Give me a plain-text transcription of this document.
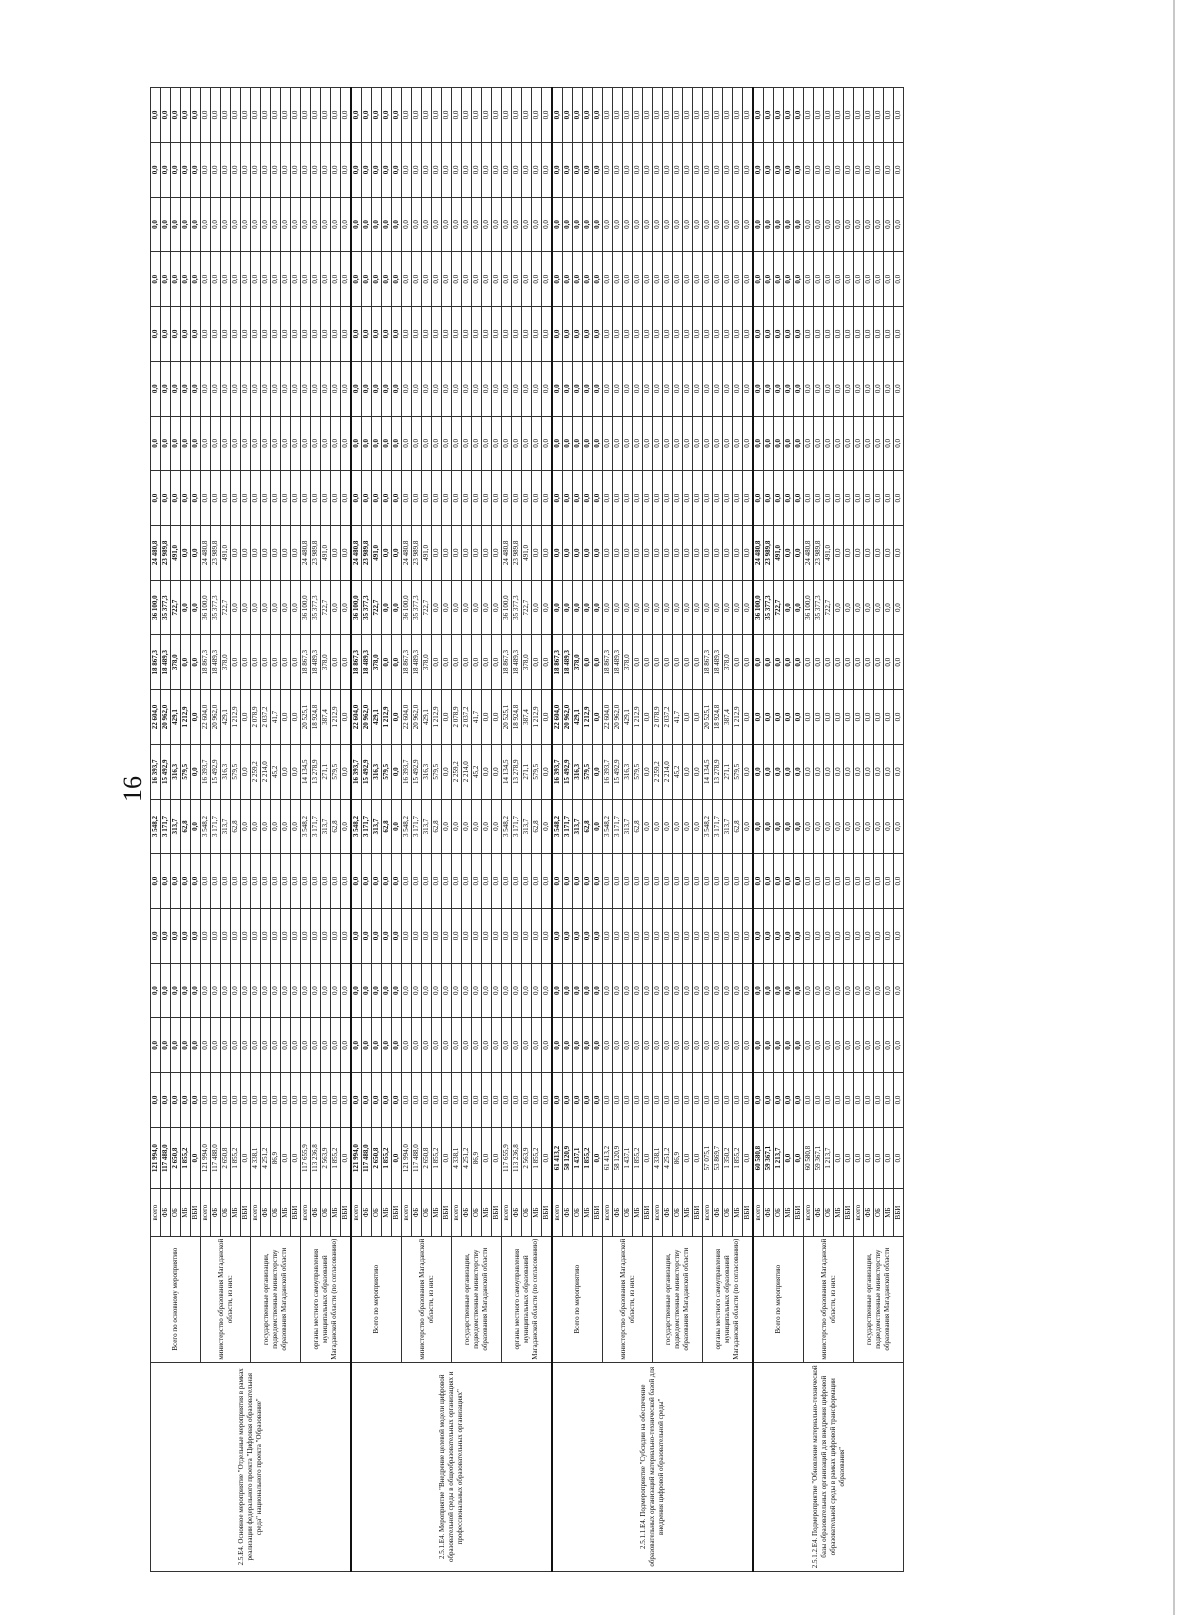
16
2.5.Е4. Основное мероприятие "Отдельные мероприятия в рамках реализации федерального проекта "Цифровая образовательная среда" национального проекта "Образование"	Всего по основному мероприятию	всего	121 994,0	0,0	0,0	0,0	0,0	0,0	3 548,2	16 393,7	22 604,0	18 867,3	36 100,0	24 480,8	0,0	0,0	0,0	0,0	0,0	0,0	0,0	0,0
		ФБ	117 488,0	0,0	0,0	0,0	0,0	0,0	3 171,7	15 492,9	20 962,0	18 489,3	35 377,3	23 989,8	0,0	0,0	0,0	0,0	0,0	0,0	0,0	0,0
		ОБ	2 650,8	0,0	0,0	0,0	0,0	0,0	313,7	316,3	429,1	378,0	722,7	491,0	0,0	0,0	0,0	0,0	0,0	0,0	0,0	0,0
		МБ	1 855,2	0,0	0,0	0,0	0,0	0,0	62,8	579,5	1 212,9	0,0	0,0	0,0	0,0	0,0	0,0	0,0	0,0	0,0	0,0	0,0
		ВБИ	0,0	0,0	0,0	0,0	0,0	0,0	0,0	0,0	0,0	0,0	0,0	0,0	0,0	0,0	0,0	0,0	0,0	0,0	0,0	0,0
	министерство образования Магаданской области, из них:	всего	121 994,0	0,0	0,0	0,0	0,0	0,0	3 548,2	16 393,7	22 604,0	18 867,3	36 100,0	24 480,8	0,0	0,0	0,0	0,0	0,0	0,0	0,0	0,0
		ФБ	117 488,0	0,0	0,0	0,0	0,0	0,0	3 171,7	15 492,9	20 962,0	18 489,3	35 377,3	23 989,8	0,0	0,0	0,0	0,0	0,0	0,0	0,0	0,0
		ОБ	2 650,8	0,0	0,0	0,0	0,0	0,0	313,7	316,3	429,1	378,0	722,7	491,0	0,0	0,0	0,0	0,0	0,0	0,0	0,0	0,0
		МБ	1 855,2	0,0	0,0	0,0	0,0	0,0	62,8	579,5	1 212,9	0,0	0,0	0,0	0,0	0,0	0,0	0,0	0,0	0,0	0,0	0,0
		ВБИ	0,0	0,0	0,0	0,0	0,0	0,0	0,0	0,0	0,0	0,0	0,0	0,0	0,0	0,0	0,0	0,0	0,0	0,0	0,0	0,0
	государственные организации, подведомственные министерству образования Магаданской области	всего	4 338,1	0,0	0,0	0,0	0,0	0,0	0,0	2 259,2	2 078,9	0,0	0,0	0,0	0,0	0,0	0,0	0,0	0,0	0,0	0,0	0,0
		ФБ	4 251,2	0,0	0,0	0,0	0,0	0,0	0,0	2 214,0	2 037,2	0,0	0,0	0,0	0,0	0,0	0,0	0,0	0,0	0,0	0,0	0,0
		ОБ	86,9	0,0	0,0	0,0	0,0	0,0	0,0	45,2	41,7	0,0	0,0	0,0	0,0	0,0	0,0	0,0	0,0	0,0	0,0	0,0
		МБ	0,0	0,0	0,0	0,0	0,0	0,0	0,0	0,0	0,0	0,0	0,0	0,0	0,0	0,0	0,0	0,0	0,0	0,0	0,0	0,0
		ВБИ	0,0	0,0	0,0	0,0	0,0	0,0	0,0	0,0	0,0	0,0	0,0	0,0	0,0	0,0	0,0	0,0	0,0	0,0	0,0	0,0
	органы местного самоуправления муниципальных образований Магаданской области (по согласованию)	всего	117 655,9	0,0	0,0	0,0	0,0	0,0	3 548,2	14 134,5	20 525,1	18 867,3	36 100,0	24 480,8	0,0	0,0	0,0	0,0	0,0	0,0	0,0	0,0
		ФБ	113 236,8	0,0	0,0	0,0	0,0	0,0	3 171,7	13 278,9	18 924,8	18 489,3	35 377,3	23 989,8	0,0	0,0	0,0	0,0	0,0	0,0	0,0	0,0
		ОБ	2 563,9	0,0	0,0	0,0	0,0	0,0	313,7	271,1	387,4	378,0	722,7	491,0	0,0	0,0	0,0	0,0	0,0	0,0	0,0	0,0
		МБ	1 855,2	0,0	0,0	0,0	0,0	0,0	62,8	579,5	1 212,9	0,0	0,0	0,0	0,0	0,0	0,0	0,0	0,0	0,0	0,0	0,0
		ВБИ	0,0	0,0	0,0	0,0	0,0	0,0	0,0	0,0	0,0	0,0	0,0	0,0	0,0	0,0	0,0	0,0	0,0	0,0	0,0	0,0
2.5.1.Е4. Мероприятие "Внедрение целевой модели цифровой образовательной среды в общеобразовательных организациях и профессиональных образовательных организациях"	Всего по мероприятию	всего	121 994,0	0,0	0,0	0,0	0,0	0,0	3 548,2	16 393,7	22 604,0	18 867,3	36 100,0	24 480,8	0,0	0,0	0,0	0,0	0,0	0,0	0,0	0,0
		ФБ	117 488,0	0,0	0,0	0,0	0,0	0,0	3 171,7	15 492,9	20 962,0	18 489,3	35 377,3	23 989,8	0,0	0,0	0,0	0,0	0,0	0,0	0,0	0,0
		ОБ	2 650,8	0,0	0,0	0,0	0,0	0,0	313,7	316,3	429,1	378,0	722,7	491,0	0,0	0,0	0,0	0,0	0,0	0,0	0,0	0,0
		МБ	1 855,2	0,0	0,0	0,0	0,0	0,0	62,8	579,5	1 212,9	0,0	0,0	0,0	0,0	0,0	0,0	0,0	0,0	0,0	0,0	0,0
		ВБИ	0,0	0,0	0,0	0,0	0,0	0,0	0,0	0,0	0,0	0,0	0,0	0,0	0,0	0,0	0,0	0,0	0,0	0,0	0,0	0,0
	министерство образования Магаданской области, из них:	всего	121 994,0	0,0	0,0	0,0	0,0	0,0	3 548,2	16 393,7	22 604,0	18 867,3	36 100,0	24 480,8	0,0	0,0	0,0	0,0	0,0	0,0	0,0	0,0
		ФБ	117 488,0	0,0	0,0	0,0	0,0	0,0	3 171,7	15 492,9	20 962,0	18 489,3	35 377,3	23 989,8	0,0	0,0	0,0	0,0	0,0	0,0	0,0	0,0
		ОБ	2 650,8	0,0	0,0	0,0	0,0	0,0	313,7	316,3	429,1	378,0	722,7	491,0	0,0	0,0	0,0	0,0	0,0	0,0	0,0	0,0
		МБ	1 855,2	0,0	0,0	0,0	0,0	0,0	62,8	579,5	1 212,9	0,0	0,0	0,0	0,0	0,0	0,0	0,0	0,0	0,0	0,0	0,0
		ВБИ	0,0	0,0	0,0	0,0	0,0	0,0	0,0	0,0	0,0	0,0	0,0	0,0	0,0	0,0	0,0	0,0	0,0	0,0	0,0	0,0
	государственные организации, подведомственные министерству образования Магаданской области	всего	4 338,1	0,0	0,0	0,0	0,0	0,0	0,0	2 259,2	2 078,9	0,0	0,0	0,0	0,0	0,0	0,0	0,0	0,0	0,0	0,0	0,0
		ФБ	4 251,2	0,0	0,0	0,0	0,0	0,0	0,0	2 214,0	2 037,2	0,0	0,0	0,0	0,0	0,0	0,0	0,0	0,0	0,0	0,0	0,0
		ОБ	86,9	0,0	0,0	0,0	0,0	0,0	0,0	45,2	41,7	0,0	0,0	0,0	0,0	0,0	0,0	0,0	0,0	0,0	0,0	0,0
		МБ	0,0	0,0	0,0	0,0	0,0	0,0	0,0	0,0	0,0	0,0	0,0	0,0	0,0	0,0	0,0	0,0	0,0	0,0	0,0	0,0
		ВБИ	0,0	0,0	0,0	0,0	0,0	0,0	0,0	0,0	0,0	0,0	0,0	0,0	0,0	0,0	0,0	0,0	0,0	0,0	0,0	0,0
	органы местного самоуправления муниципальных образований Магаданской области (по согласованию)	всего	117 655,9	0,0	0,0	0,0	0,0	0,0	3 548,2	14 134,5	20 525,1	18 867,3	36 100,0	24 480,8	0,0	0,0	0,0	0,0	0,0	0,0	0,0	0,0
		ФБ	113 236,8	0,0	0,0	0,0	0,0	0,0	3 171,7	13 278,9	18 924,8	18 489,3	35 377,3	23 989,8	0,0	0,0	0,0	0,0	0,0	0,0	0,0	0,0
		ОБ	2 563,9	0,0	0,0	0,0	0,0	0,0	313,7	271,1	387,4	378,0	722,7	491,0	0,0	0,0	0,0	0,0	0,0	0,0	0,0	0,0
		МБ	1 855,2	0,0	0,0	0,0	0,0	0,0	62,8	579,5	1 212,9	0,0	0,0	0,0	0,0	0,0	0,0	0,0	0,0	0,0	0,0	0,0
		ВБИ	0,0	0,0	0,0	0,0	0,0	0,0	0,0	0,0	0,0	0,0	0,0	0,0	0,0	0,0	0,0	0,0	0,0	0,0	0,0	0,0
2.5.1.1.Е4. Подмероприятие "Субсидии на обеспечение образовательных организаций материально-технической базой для внедрения цифровой образовательной среды"	Всего по мероприятию	всего	61 413,2	0,0	0,0	0,0	0,0	0,0	3 548,2	16 393,7	22 604,0	18 867,3	0,0	0,0	0,0	0,0	0,0	0,0	0,0	0,0	0,0	0,0
		ФБ	58 120,9	0,0	0,0	0,0	0,0	0,0	3 171,7	15 492,9	20 962,0	18 489,3	0,0	0,0	0,0	0,0	0,0	0,0	0,0	0,0	0,0	0,0
		ОБ	1 437,1	0,0	0,0	0,0	0,0	0,0	313,7	316,3	429,1	378,0	0,0	0,0	0,0	0,0	0,0	0,0	0,0	0,0	0,0	0,0
		МБ	1 855,2	0,0	0,0	0,0	0,0	0,0	62,8	579,5	1 212,9	0,0	0,0	0,0	0,0	0,0	0,0	0,0	0,0	0,0	0,0	0,0
		ВБИ	0,0	0,0	0,0	0,0	0,0	0,0	0,0	0,0	0,0	0,0	0,0	0,0	0,0	0,0	0,0	0,0	0,0	0,0	0,0	0,0
	министерство образования Магаданской области, из них:	всего	61 413,2	0,0	0,0	0,0	0,0	0,0	3 548,2	16 393,7	22 604,0	18 867,3	0,0	0,0	0,0	0,0	0,0	0,0	0,0	0,0	0,0	0,0
		ФБ	58 120,9	0,0	0,0	0,0	0,0	0,0	3 171,7	15 492,9	20 962,0	18 489,3	0,0	0,0	0,0	0,0	0,0	0,0	0,0	0,0	0,0	0,0
		ОБ	1 437,1	0,0	0,0	0,0	0,0	0,0	313,7	316,3	429,1	378,0	0,0	0,0	0,0	0,0	0,0	0,0	0,0	0,0	0,0	0,0
		МБ	1 855,2	0,0	0,0	0,0	0,0	0,0	62,8	579,5	1 212,9	0,0	0,0	0,0	0,0	0,0	0,0	0,0	0,0	0,0	0,0	0,0
		ВБИ	0,0	0,0	0,0	0,0	0,0	0,0	0,0	0,0	0,0	0,0	0,0	0,0	0,0	0,0	0,0	0,0	0,0	0,0	0,0	0,0
	государственные организации, подведомственные министерству образования Магаданской области	всего	4 338,1	0,0	0,0	0,0	0,0	0,0	0,0	2 259,2	2 078,9	0,0	0,0	0,0	0,0	0,0	0,0	0,0	0,0	0,0	0,0	0,0
		ФБ	4 251,2	0,0	0,0	0,0	0,0	0,0	0,0	2 214,0	2 037,2	0,0	0,0	0,0	0,0	0,0	0,0	0,0	0,0	0,0	0,0	0,0
		ОБ	86,9	0,0	0,0	0,0	0,0	0,0	0,0	45,2	41,7	0,0	0,0	0,0	0,0	0,0	0,0	0,0	0,0	0,0	0,0	0,0
		МБ	0,0	0,0	0,0	0,0	0,0	0,0	0,0	0,0	0,0	0,0	0,0	0,0	0,0	0,0	0,0	0,0	0,0	0,0	0,0	0,0
		ВБИ	0,0	0,0	0,0	0,0	0,0	0,0	0,0	0,0	0,0	0,0	0,0	0,0	0,0	0,0	0,0	0,0	0,0	0,0	0,0	0,0
	органы местного самоуправления муниципальных образований Магаданской области (по согласованию)	всего	57 075,1	0,0	0,0	0,0	0,0	0,0	3 548,2	14 134,5	20 525,1	18 867,3	0,0	0,0	0,0	0,0	0,0	0,0	0,0	0,0	0,0	0,0
		ФБ	53 869,7	0,0	0,0	0,0	0,0	0,0	3 171,7	13 278,9	18 924,8	18 489,3	0,0	0,0	0,0	0,0	0,0	0,0	0,0	0,0	0,0	0,0
		ОБ	1 350,2	0,0	0,0	0,0	0,0	0,0	313,7	271,1	387,4	378,0	0,0	0,0	0,0	0,0	0,0	0,0	0,0	0,0	0,0	0,0
		МБ	1 855,2	0,0	0,0	0,0	0,0	0,0	62,8	579,5	1 212,9	0,0	0,0	0,0	0,0	0,0	0,0	0,0	0,0	0,0	0,0	0,0
		ВБИ	0,0	0,0	0,0	0,0	0,0	0,0	0,0	0,0	0,0	0,0	0,0	0,0	0,0	0,0	0,0	0,0	0,0	0,0	0,0	0,0
2.5.1.2.Е4. Подмероприятие "Обновление материально-технической базы образовательных организаций для внедрения цифровой образовательной среды в рамках цифровой трансформации образования"	Всего по мероприятию	всего	60 580,8	0,0	0,0	0,0	0,0	0,0	0,0	0,0	0,0	0,0	36 100,0	24 480,8	0,0	0,0	0,0	0,0	0,0	0,0	0,0	0,0
		ФБ	59 367,1	0,0	0,0	0,0	0,0	0,0	0,0	0,0	0,0	0,0	35 377,3	23 989,8	0,0	0,0	0,0	0,0	0,0	0,0	0,0	0,0
		ОБ	1 213,7	0,0	0,0	0,0	0,0	0,0	0,0	0,0	0,0	0,0	722,7	491,0	0,0	0,0	0,0	0,0	0,0	0,0	0,0	0,0
		МБ	0,0	0,0	0,0	0,0	0,0	0,0	0,0	0,0	0,0	0,0	0,0	0,0	0,0	0,0	0,0	0,0	0,0	0,0	0,0	0,0
		ВБИ	0,0	0,0	0,0	0,0	0,0	0,0	0,0	0,0	0,0	0,0	0,0	0,0	0,0	0,0	0,0	0,0	0,0	0,0	0,0	0,0
	министерство образования Магаданской области, из них:	всего	60 580,8	0,0	0,0	0,0	0,0	0,0	0,0	0,0	0,0	0,0	36 100,0	24 480,8	0,0	0,0	0,0	0,0	0,0	0,0	0,0	0,0
		ФБ	59 367,1	0,0	0,0	0,0	0,0	0,0	0,0	0,0	0,0	0,0	35 377,3	23 989,8	0,0	0,0	0,0	0,0	0,0	0,0	0,0	0,0
		ОБ	1 213,7	0,0	0,0	0,0	0,0	0,0	0,0	0,0	0,0	0,0	722,7	491,0	0,0	0,0	0,0	0,0	0,0	0,0	0,0	0,0
		МБ	0,0	0,0	0,0	0,0	0,0	0,0	0,0	0,0	0,0	0,0	0,0	0,0	0,0	0,0	0,0	0,0	0,0	0,0	0,0	0,0
		ВБИ	0,0	0,0	0,0	0,0	0,0	0,0	0,0	0,0	0,0	0,0	0,0	0,0	0,0	0,0	0,0	0,0	0,0	0,0	0,0	0,0
	государственные организации, подведомственные министерству образования Магаданской области	всего	0,0	0,0	0,0	0,0	0,0	0,0	0,0	0,0	0,0	0,0	0,0	0,0	0,0	0,0	0,0	0,0	0,0	0,0	0,0	0,0
		ФБ	0,0	0,0	0,0	0,0	0,0	0,0	0,0	0,0	0,0	0,0	0,0	0,0	0,0	0,0	0,0	0,0	0,0	0,0	0,0	0,0
		ОБ	0,0	0,0	0,0	0,0	0,0	0,0	0,0	0,0	0,0	0,0	0,0	0,0	0,0	0,0	0,0	0,0	0,0	0,0	0,0	0,0
		МБ	0,0	0,0	0,0	0,0	0,0	0,0	0,0	0,0	0,0	0,0	0,0	0,0	0,0	0,0	0,0	0,0	0,0	0,0	0,0	0,0
		ВБИ	0,0	0,0	0,0	0,0	0,0	0,0	0,0	0,0	0,0	0,0	0,0	0,0	0,0	0,0	0,0	0,0	0,0	0,0	0,0	0,0
